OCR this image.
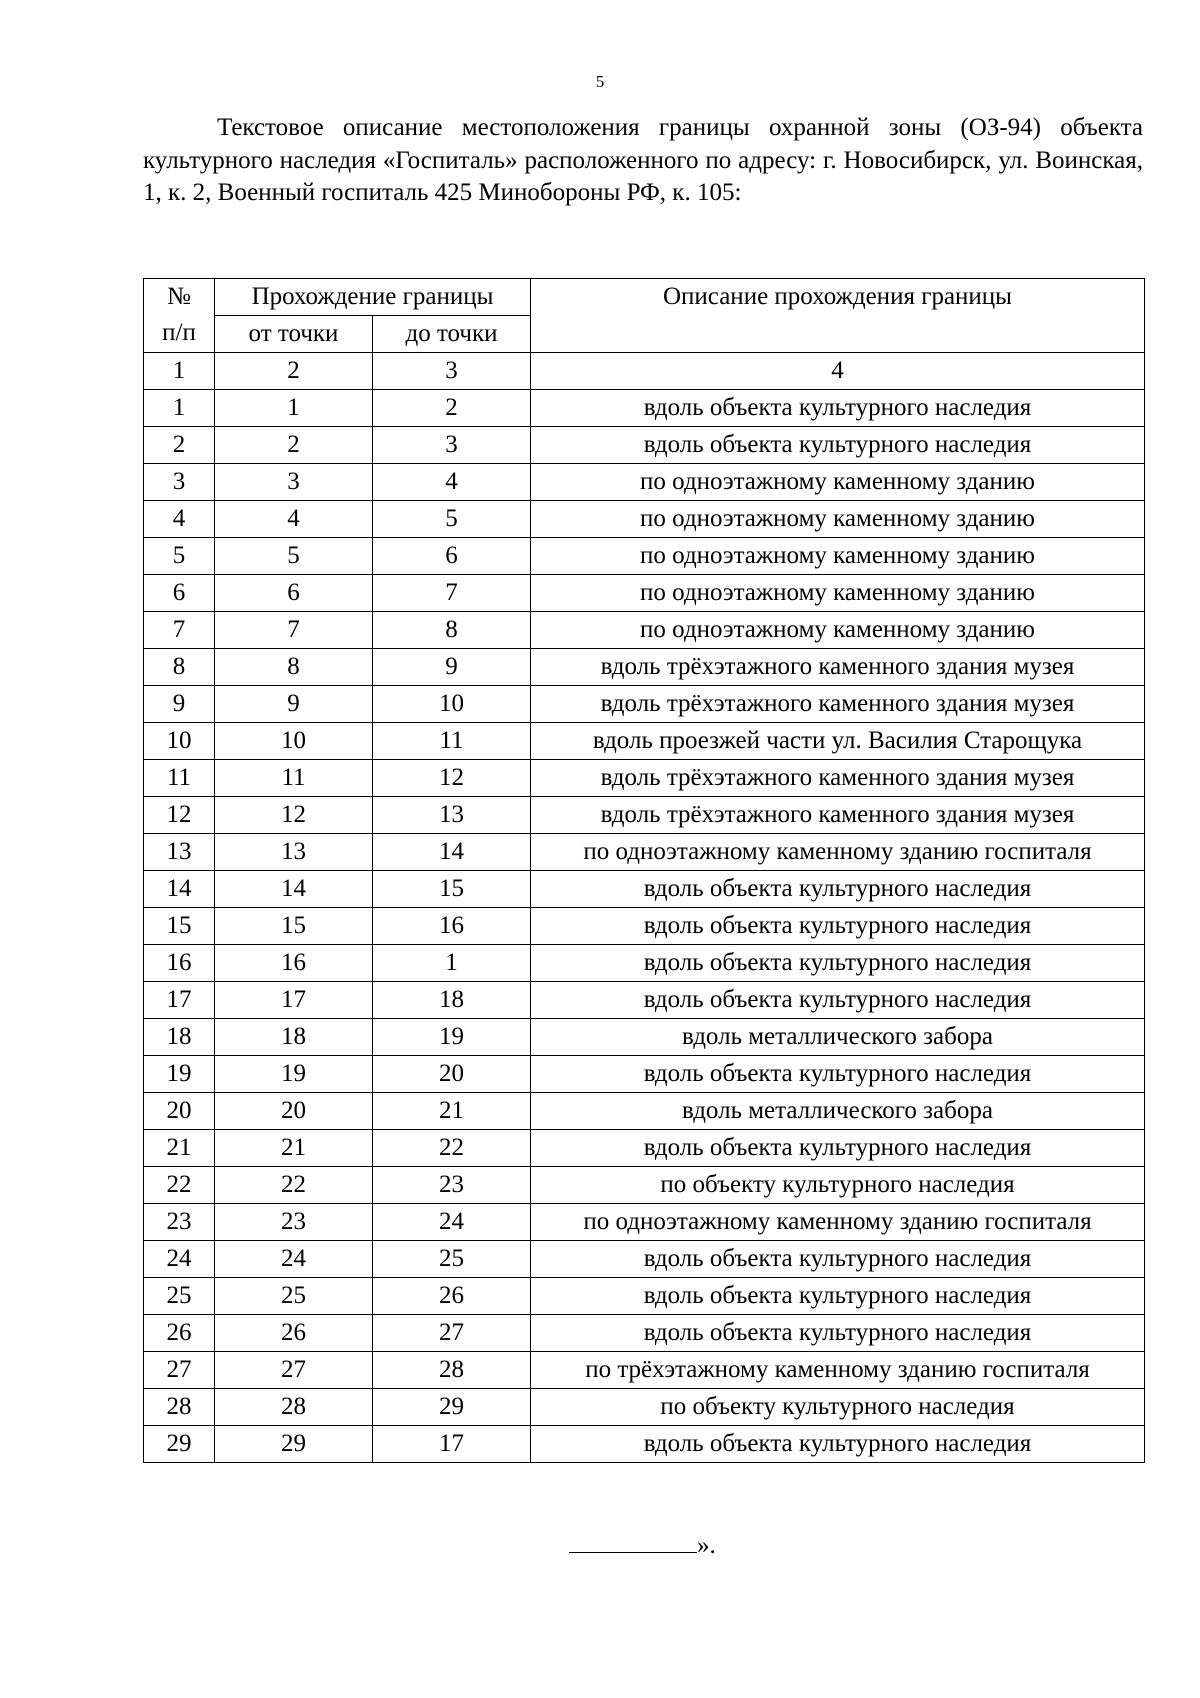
5

Текстовое описание местоположения границы охранной зоны (ОЗ-94) объекта культурного наследия «Госпиталь» расположенного по адресу: г. Новосибирск, ул. Воинская, 1, к. 2, Военный госпиталь 425 Минобороны РФ, к. 105:

№
п/п	Прохождение границы		Описание прохождения границы
	от точки	до точки	
1	2	3	4
1	1	2	вдоль объекта культурного наследия
2	2	3	вдоль объекта культурного наследия
3	3	4	по одноэтажному каменному зданию
4	4	5	по одноэтажному каменному зданию
5	5	6	по одноэтажному каменному зданию
6	6	7	по одноэтажному каменному зданию
7	7	8	по одноэтажному каменному зданию
8	8	9	вдоль трёхэтажного каменного здания музея
9	9	10	вдоль трёхэтажного каменного здания музея
10	10	11	вдоль проезжей части ул. Василия Старощука
11	11	12	вдоль трёхэтажного каменного здания музея
12	12	13	вдоль трёхэтажного каменного здания музея
13	13	14	по одноэтажному каменному зданию госпиталя
14	14	15	вдоль объекта культурного наследия
15	15	16	вдоль объекта культурного наследия
16	16	1	вдоль объекта культурного наследия
17	17	18	вдоль объекта культурного наследия
18	18	19	вдоль металлического забора
19	19	20	вдоль объекта культурного наследия
20	20	21	вдоль металлического забора
21	21	22	вдоль объекта культурного наследия
22	22	23	по объекту культурного наследия
23	23	24	по одноэтажному каменному зданию госпиталя
24	24	25	вдоль объекта культурного наследия
25	25	26	вдоль объекта культурного наследия
26	26	27	вдоль объекта культурного наследия
27	27	28	по трёхэтажному каменному зданию госпиталя
28	28	29	по объекту культурного наследия
29	29	17	вдоль объекта культурного наследия
».
